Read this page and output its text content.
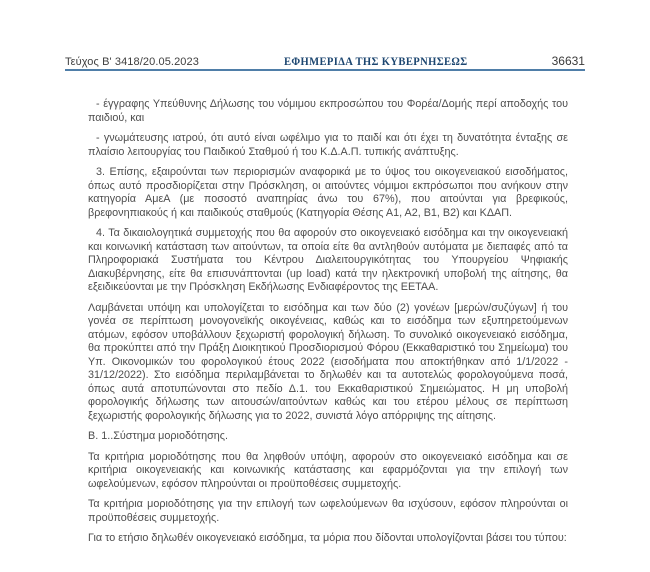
Τεύχος Β' 3418/20.05.2023	ΕΦΗΜΕΡΙΔΑ ΤΗΣ ΚΥΒΕΡΝΗΣΕΩΣ	36631

- έγγραφης Υπεύθυνης Δήλωσης του νόμιμου εκπροσώπου του Φορέα/Δομής περί αποδοχής του παιδιού, και

- γνωμάτευσης ιατρού, ότι αυτό είναι ωφέλιμο για το παιδί και ότι έχει τη δυνατότητα ένταξης σε πλαίσιο λειτουργίας του Παιδικού Σταθμού ή του Κ.Δ.Α.Π. τυπικής ανάπτυξης.

3. Επίσης, εξαιρούνται των περιορισμών αναφορικά με το ύψος του οικογενειακού εισοδήματος, όπως αυτό προσδιορίζεται στην Πρόσκληση, οι αιτούντες νόμιμοι εκπρόσωποι που ανήκουν στην κατηγορία ΑμεΑ (με ποσοστό αναπηρίας άνω του 67%), που αιτούνται για βρεφικούς, βρεφονηπιακούς ή και παιδικούς σταθμούς (Κατηγορία Θέσης Α1, Α2, Β1, Β2) και ΚΔΑΠ.

4. Τα δικαιολογητικά συμμετοχής που θα αφορούν στο οικογενειακό εισόδημα και την οικογενειακή και κοινωνική κατάσταση των αιτούντων, τα οποία είτε θα αντληθούν αυτόματα με διεπαφές από τα Πληροφοριακά Συστήματα του Κέντρου Διαλειτουργικότητας του Υπουργείου Ψηφιακής Διακυβέρνησης, είτε θα επισυνάπτονται (up load) κατά την ηλεκτρονική υποβολή της αίτησης, θα εξειδικεύονται με την Πρόσκληση Εκδήλωσης Ενδιαφέροντος της ΕΕΤΑΑ.

Λαμβάνεται υπόψη και υπολογίζεται το εισόδημα και των δύο (2) γονέων [μερών/συζύγων] ή του γονέα σε περίπτωση μονογονεϊκής οικογένειας, καθώς και το εισόδημα των εξυπηρετούμενων ατόμων, εφόσον υποβάλλουν ξεχωριστή φορολογική δήλωση. Το συνολικό οικογενειακό εισόδημα, θα προκύπτει από την Πράξη Διοικητικού Προσδιορισμού Φόρου (Εκκαθαριστικό του Σημείωμα) του Υπ. Οικονομικών του φορολογικού έτους 2022 (εισοδήματα που αποκτήθηκαν από 1/1/2022 - 31/12/2022). Στο εισόδημα περιλαμβάνεται το δηλωθέν και τα αυτοτελώς φορολογούμενα ποσά, όπως αυτά αποτυπώνονται στο πεδίο Δ.1. του Εκκαθαριστικού Σημειώματος. Η μη υποβολή φορολογικής δήλωσης των αιτουσών/αιτούντων καθώς και του ετέρου μέλους σε περίπτωση ξεχωριστής φορολογικής δήλωσης για το 2022, συνιστά λόγο απόρριψης της αίτησης.

Β. 1..Σύστημα μοριοδότησης.

Τα κριτήρια μοριοδότησης που θα ληφθούν υπόψη, αφορούν στο οικογενειακό εισόδημα και σε κριτήρια οικογενειακής και κοινωνικής κατάστασης και εφαρμόζονται για την επιλογή των ωφελούμενων, εφόσον πληρούνται οι προϋποθέσεις συμμετοχής.

Τα κριτήρια μοριοδότησης για την επιλογή των ωφελούμενων θα ισχύσουν, εφόσον πληρούνται οι προϋποθέσεις συμμετοχής.

Για το ετήσιο δηλωθέν οικογενειακό εισόδημα, τα μόρια που δίδονται υπολογίζονται βάσει του τύπου:
